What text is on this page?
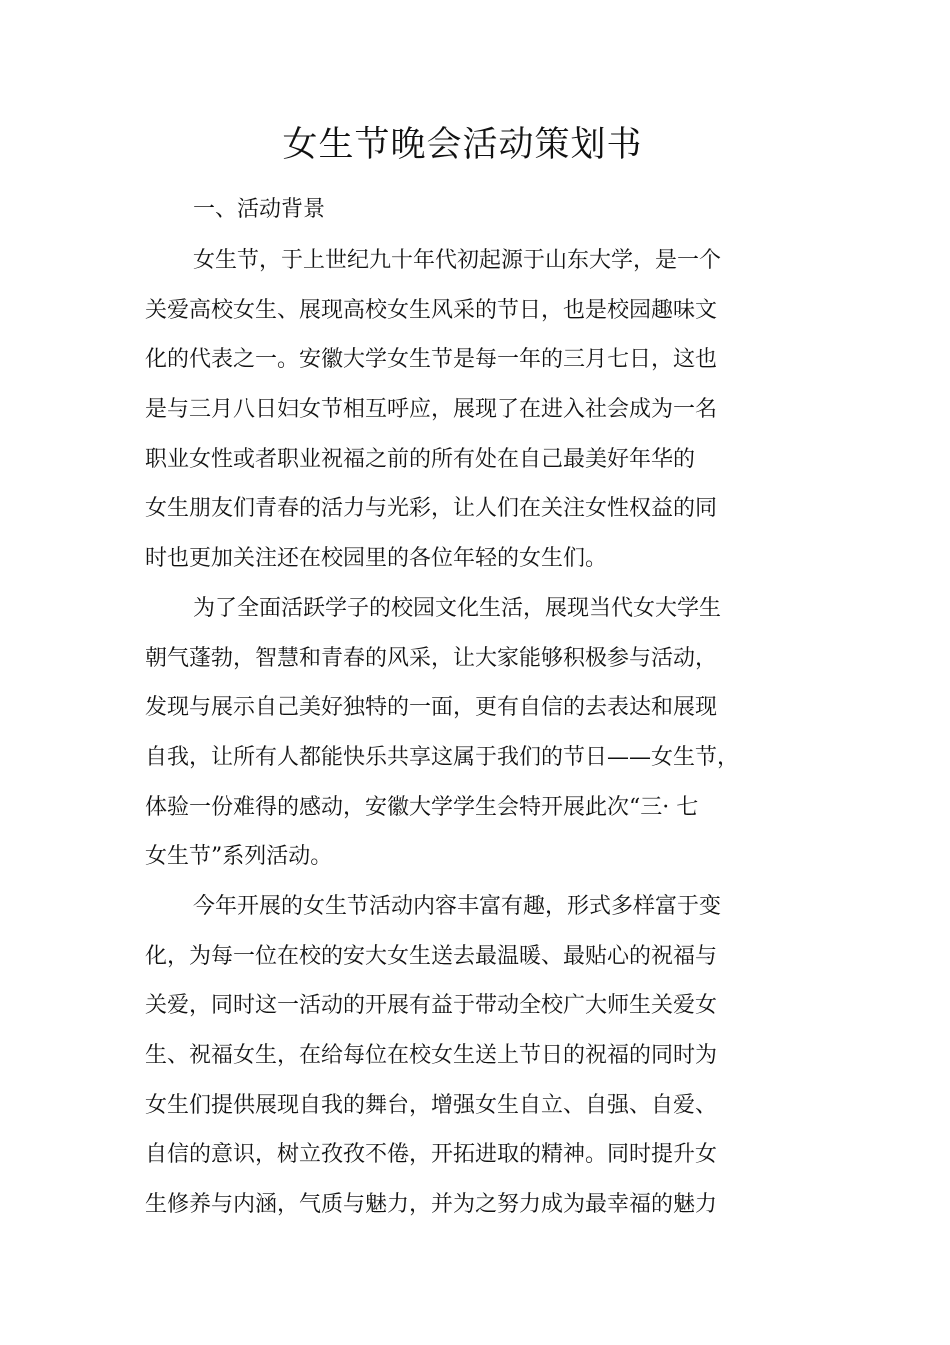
女生节晚会活动策划书
一、活动背景
女生节，于上世纪九十年代初起源于山东大学，是一个
关爱高校女生、展现高校女生风采的节日，也是校园趣味文
化的代表之一。安徽大学女生节是每一年的三月七日，这也
是与三月八日妇女节相互呼应，展现了在进入社会成为一名
职业女性或者职业祝福之前的所有处在自己最美好年华的
女生朋友们青春的活力与光彩，让人们在关注女性权益的同
时也更加关注还在校园里的各位年轻的女生们。
为了全面活跃学子的校园文化生活，展现当代女大学生
朝气蓬勃，智慧和青春的风采，让大家能够积极参与活动，
发现与展示自己美好独特的一面，更有自信的去表达和展现
自我，让所有人都能快乐共享这属于我们的节日——女生节，
体验一份难得的感动，安徽大学学生会特开展此次“三· 七
女生节”系列活动。
今年开展的女生节活动内容丰富有趣，形式多样富于变
化，为每一位在校的安大女生送去最温暖、最贴心的祝福与
关爱，同时这一活动的开展有益于带动全校广大师生关爱女
生、祝福女生，在给每位在校女生送上节日的祝福的同时为
女生们提供展现自我的舞台，增强女生自立、自强、自爱、
自信的意识，树立孜孜不倦，开拓进取的精神。同时提升女
生修养与内涵，气质与魅力，并为之努力成为最幸福的魅力
